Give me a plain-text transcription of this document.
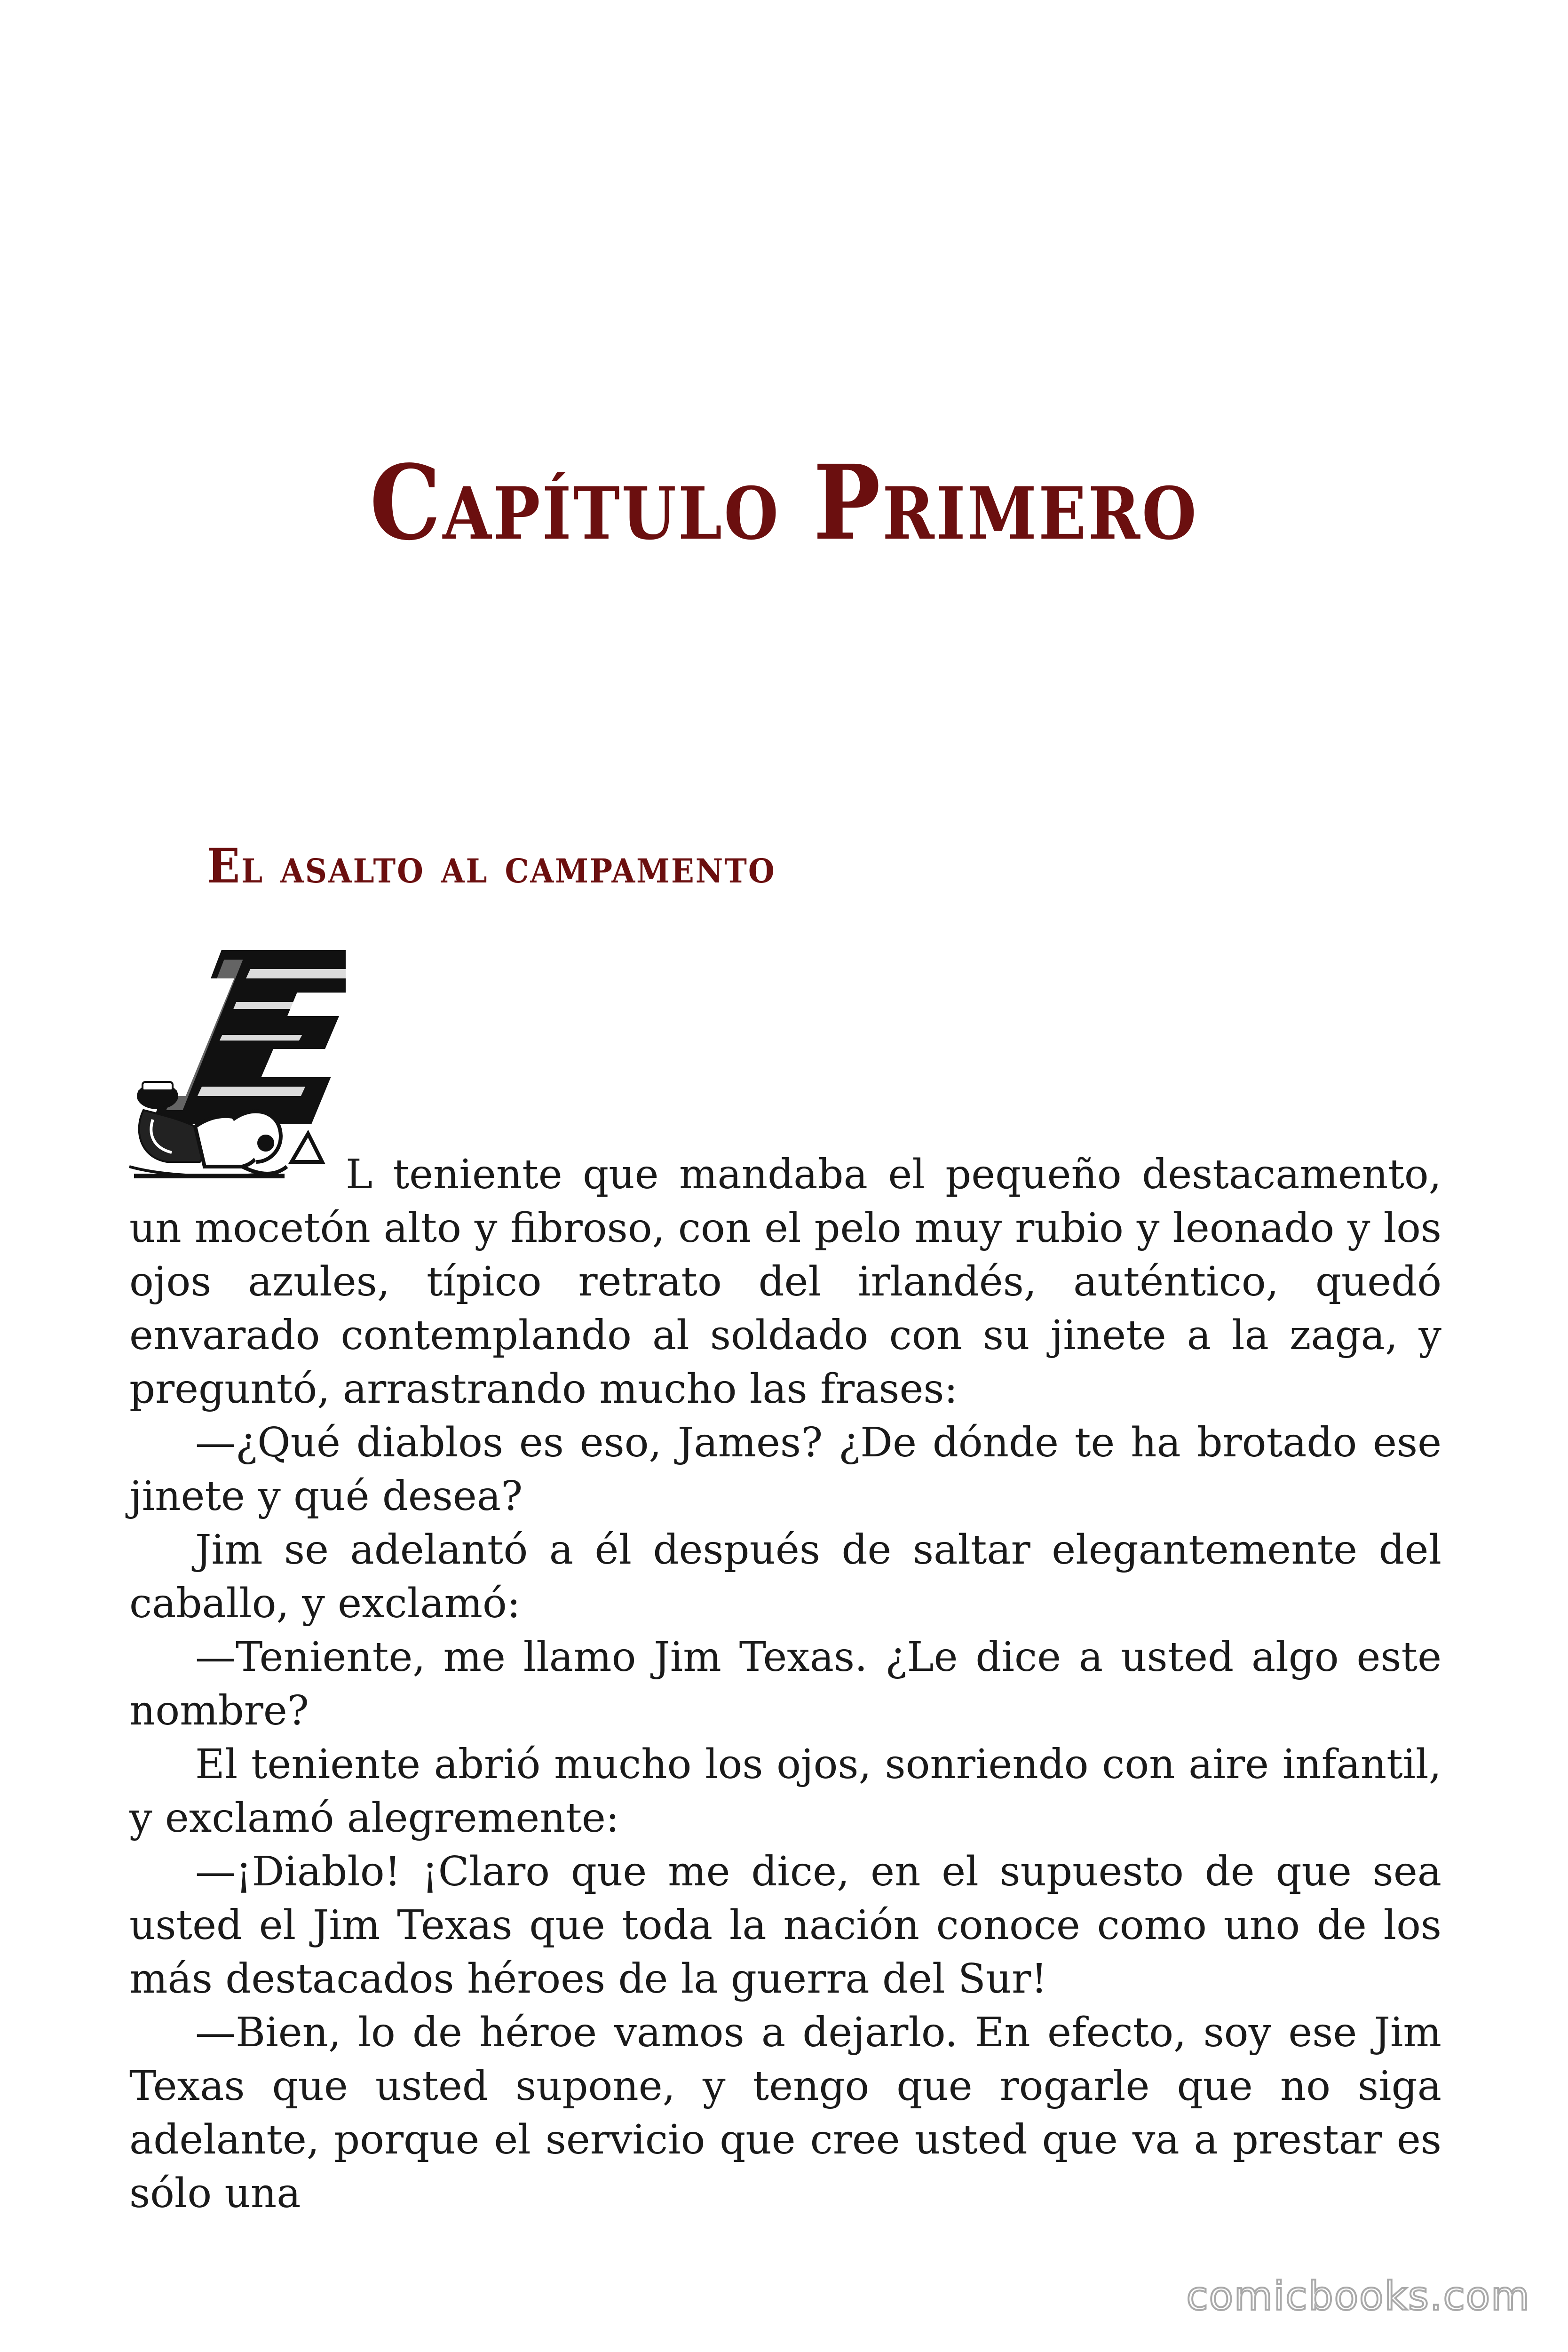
Capítulo Primero
El asalto al campamento

L teniente que mandaba el pequeño destacamento, un mocetón alto y fibroso, con el pelo muy rubio y leonado y los ojos azules, típico retrato del irlandés, auténtico, quedó envarado contemplando al soldado con su jinete a la zaga, y preguntó, arrastrando mucho las frases:

—¿Qué diablos es eso, James? ¿De dónde te ha brotado ese jinete y qué desea?

Jim se adelantó a él después de saltar elegantemente del caballo, y exclamó:

—Teniente, me llamo Jim Texas. ¿Le dice a usted algo este nombre?

El teniente abrió mucho los ojos, sonriendo con aire infantil, y exclamó alegremente:

—¡Diablo! ¡Claro que me dice, en el supuesto de que sea usted el Jim Texas que toda la nación conoce como uno de los más destacados héroes de la guerra del Sur!

—Bien, lo de héroe vamos a dejarlo. En efecto, soy ese Jim Texas que usted supone, y tengo que rogarle que no siga adelante, porque el servicio que cree usted que va a prestar es sólo una

comicbooks.com
